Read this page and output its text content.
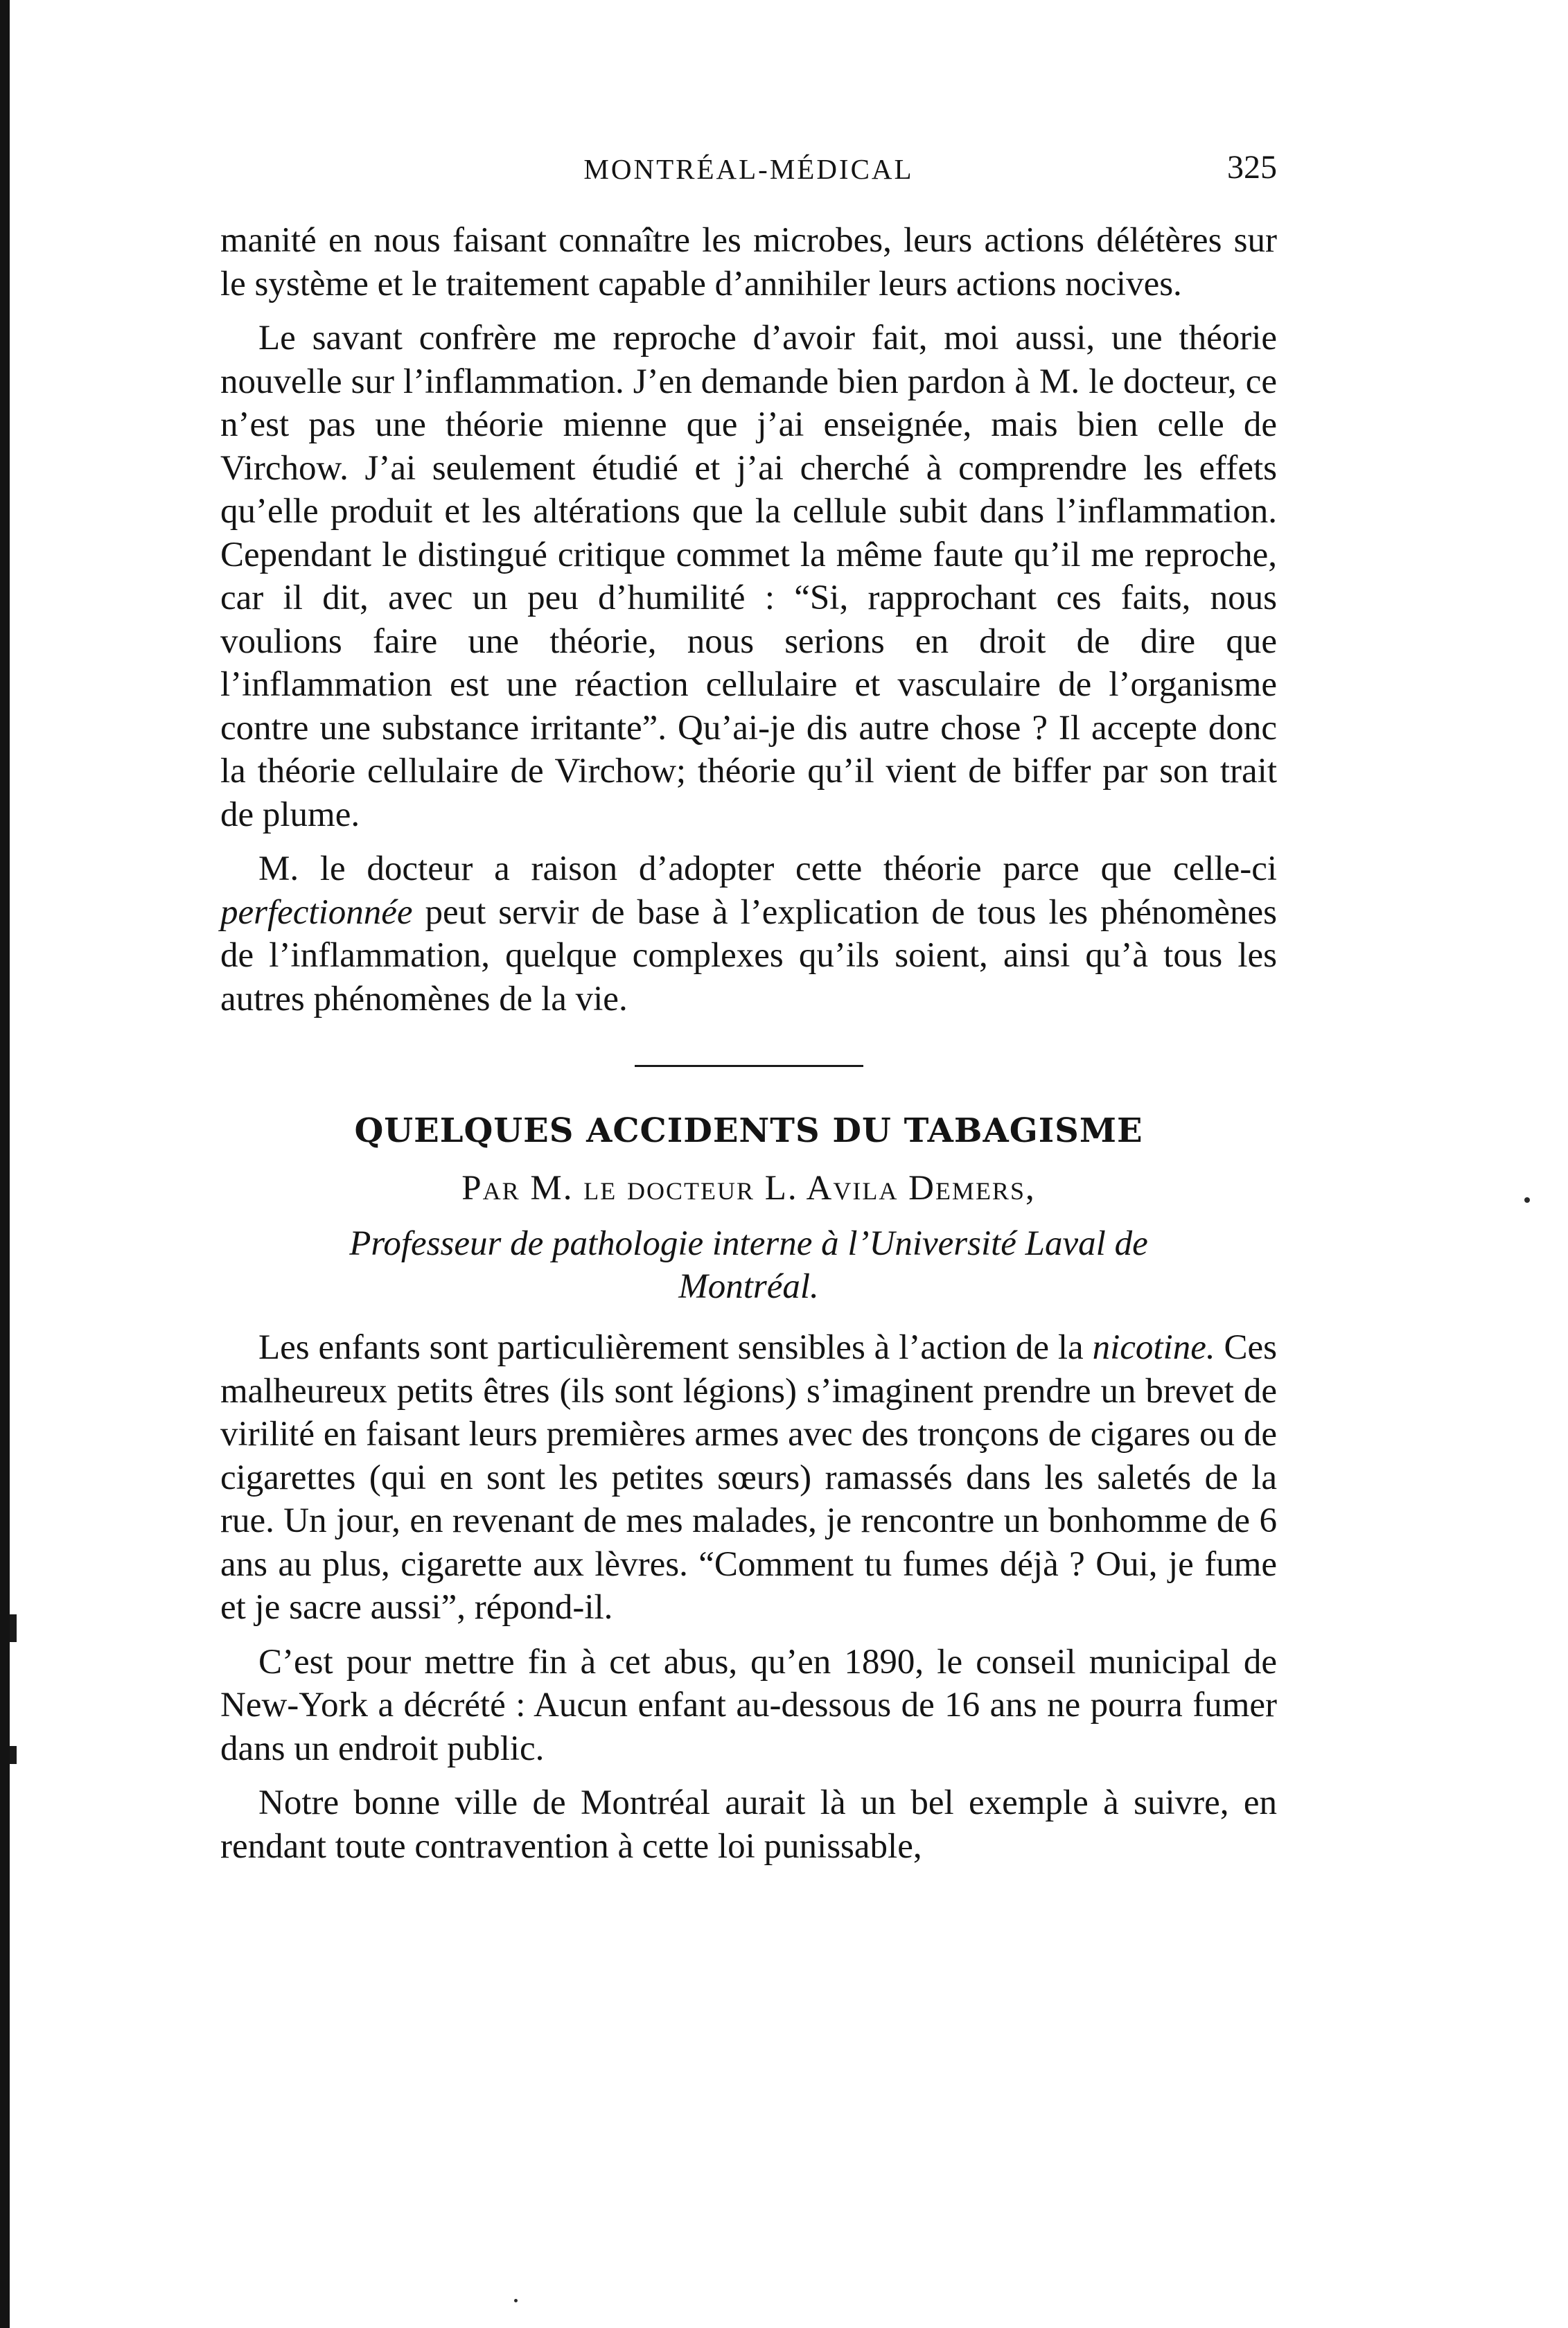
MONTRÉAL-MÉDICAL	325

manité en nous faisant connaître les microbes, leurs actions délétères sur le système et le traitement capable d’annihiler leurs actions nocives.

Le savant confrère me reproche d’avoir fait, moi aussi, une théorie nouvelle sur l’inflammation. J’en demande bien pardon à M. le docteur, ce n’est pas une théorie mienne que j’ai enseignée, mais bien celle de Virchow. J’ai seulement étudié et j’ai cherché à comprendre les effets qu’elle produit et les altérations que la cellule subit dans l’inflammation. Cependant le distingué critique commet la même faute qu’il me reproche, car il dit, avec un peu d’humilité : “Si, rapprochant ces faits, nous voulions faire une théorie, nous serions en droit de dire que l’inflammation est une réaction cellulaire et vasculaire de l’organisme contre une substance irritante”. Qu’ai-je dis autre chose ? Il accepte donc la théorie cellulaire de Virchow; théorie qu’il vient de biffer par son trait de plume.

M. le docteur a raison d’adopter cette théorie parce que celle-ci perfectionnée peut servir de base à l’explication de tous les phénomènes de l’inflammation, quelque complexes qu’ils soient, ainsi qu’à tous les autres phénomènes de la vie.

QUELQUES ACCIDENTS DU TABAGISME
Par M. le docteur L. Avila Demers,
Professeur de pathologie interne à l’Université Laval de
Montréal.

Les enfants sont particulièrement sensibles à l’action de la nicotine. Ces malheureux petits êtres (ils sont légions) s’imaginent prendre un brevet de virilité en faisant leurs premières armes avec des tronçons de cigares ou de cigarettes (qui en sont les petites sœurs) ramassés dans les saletés de la rue. Un jour, en revenant de mes malades, je rencontre un bonhomme de 6 ans au plus, cigarette aux lèvres. “Comment tu fumes déjà ? Oui, je fume et je sacre aussi”, répond-il.

C’est pour mettre fin à cet abus, qu’en 1890, le conseil municipal de New-York a décrété : Aucun enfant au-dessous de 16 ans ne pourra fumer dans un endroit public.

Notre bonne ville de Montréal aurait là un bel exemple à suivre, en rendant toute contravention à cette loi punissable,
